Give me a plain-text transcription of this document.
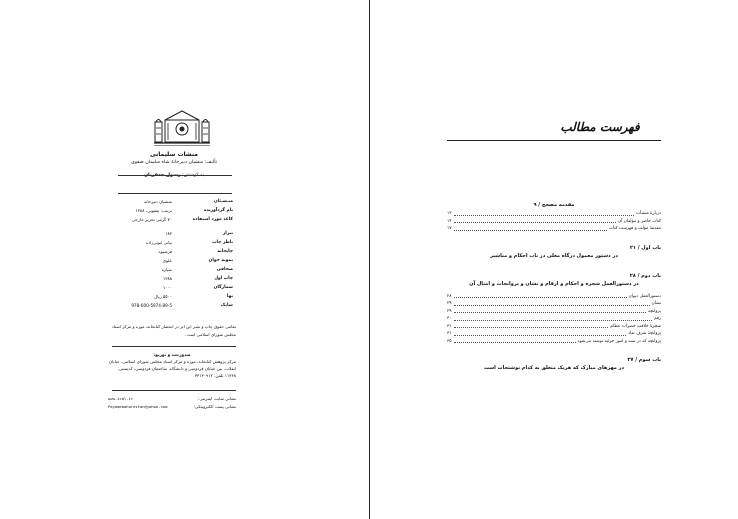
منشات سلیمانی
تألیف: منشیان دبیرخانهٔ شاه سلیمان صفوی
منـشـئان
منشیان دبیرخانه
نام گردآورنده
ترتیب: یعقوبی، ۱۳۸۸
کاغذ مورد استفاده
۷۰ گرمی تحریر خارجی
تیراژ
۱۸۳
ناظر چاپ
بیانی ابوئی‌زاده
چاپخانه
فرشیوه
نمونه خوان
علوی
صحافی
سپاره
چاپ اول
۱۳۸۸
شمارگان
۱۰۰۰
بها
۵۵۰۰ ریال
شابک
978-600-5974-89-5
تمامی حقوق چاپ و نشر این اثر در انحصار کتابخانه، موزه و مرکز اسناد مجلس شورای اسلامی است.
صدورحت و توزیع:
مرکز پژوهش کتابخانه، موزه و مرکز اسناد مجلس شورای اسلامی، خیابان انقلاب، بین خیابان فردوسی و دانشگاه، ساختمان فردوسی، کدپستی: ۱۱۳۶۸ تلفن: ۳۳۱۳۰۹۱۲
نشانی سایت اینترنتی:
www.ical.ir
نشانی پست الکترونیکی:
Payamebaharestan@yahoo.com
فهرست مطالب
مقدمه مصحح / ۹
دربارهٔ منشآت
۱۳
کتاب حاضر و مؤلفان آن
۱۴
مقدمهٔ مؤلف و فهرست کتاب
۱۷
باب اول / ۲۱
در دستور معمول درگاه معلی در باب احکام و مناشیر
باب دوم / ۲۸
در دستورالعمل شجره و احکام و ارقام و نشان و پروانجات و امثال آن
دستورالعمل دیوان
۲۸
نشان
۲۹
پروانچه
۲۹
رقم
۳۰
شجرهٔ خلافت حضرات عظام
۳۱
پروانچهٔ شرف نفاذ
۳۱
پروانچه که در سند و امور جزئیه نوشته می‌شود
۳۵
باب سوم / ۳۷
در مهرهای مبارک که هریک متعلق به کدام نوشتجات است
